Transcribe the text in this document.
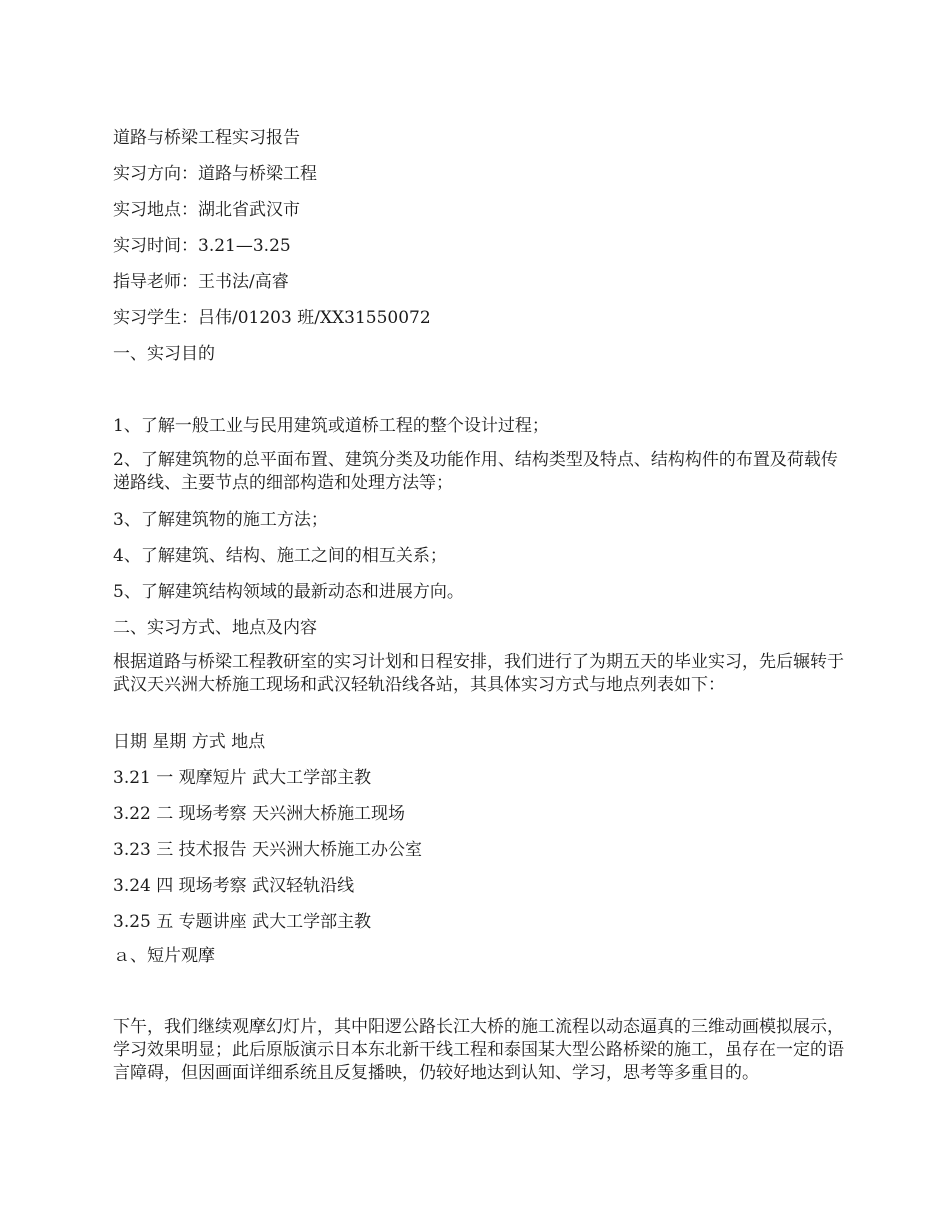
道路与桥梁工程实习报告
实习方向：道路与桥梁工程
实习地点：湖北省武汉市
实习时间：3.21—3.25
指导老师：王书法/高睿
实习学生：吕伟/01203 班/XX31550072
一、实习目的
1、了解一般工业与民用建筑或道桥工程的整个设计过程；
2、了解建筑物的总平面布置、建筑分类及功能作用、结构类型及特点、结构构件的布置及荷载传递路线、主要节点的细部构造和处理方法等；
3、了解建筑物的施工方法；
4、了解建筑、结构、施工之间的相互关系；
5、了解建筑结构领域的最新动态和进展方向。
二、实习方式、地点及内容
根据道路与桥梁工程教研室的实习计划和日程安排，我们进行了为期五天的毕业实习，先后辗转于武汉天兴洲大桥施工现场和武汉轻轨沿线各站，其具体实习方式与地点列表如下：
日期 星期 方式 地点
3.21 一 观摩短片 武大工学部主教
3.22 二 现场考察 天兴洲大桥施工现场
3.23 三 技术报告 天兴洲大桥施工办公室
3.24 四 现场考察 武汉轻轨沿线
3.25 五 专题讲座 武大工学部主教
ａ、短片观摩
下午，我们继续观摩幻灯片，其中阳逻公路长江大桥的施工流程以动态逼真的三维动画模拟展示，学习效果明显；此后原版演示日本东北新干线工程和泰国某大型公路桥梁的施工，虽存在一定的语言障碍，但因画面详细系统且反复播映，仍较好地达到认知、学习，思考等多重目的。
